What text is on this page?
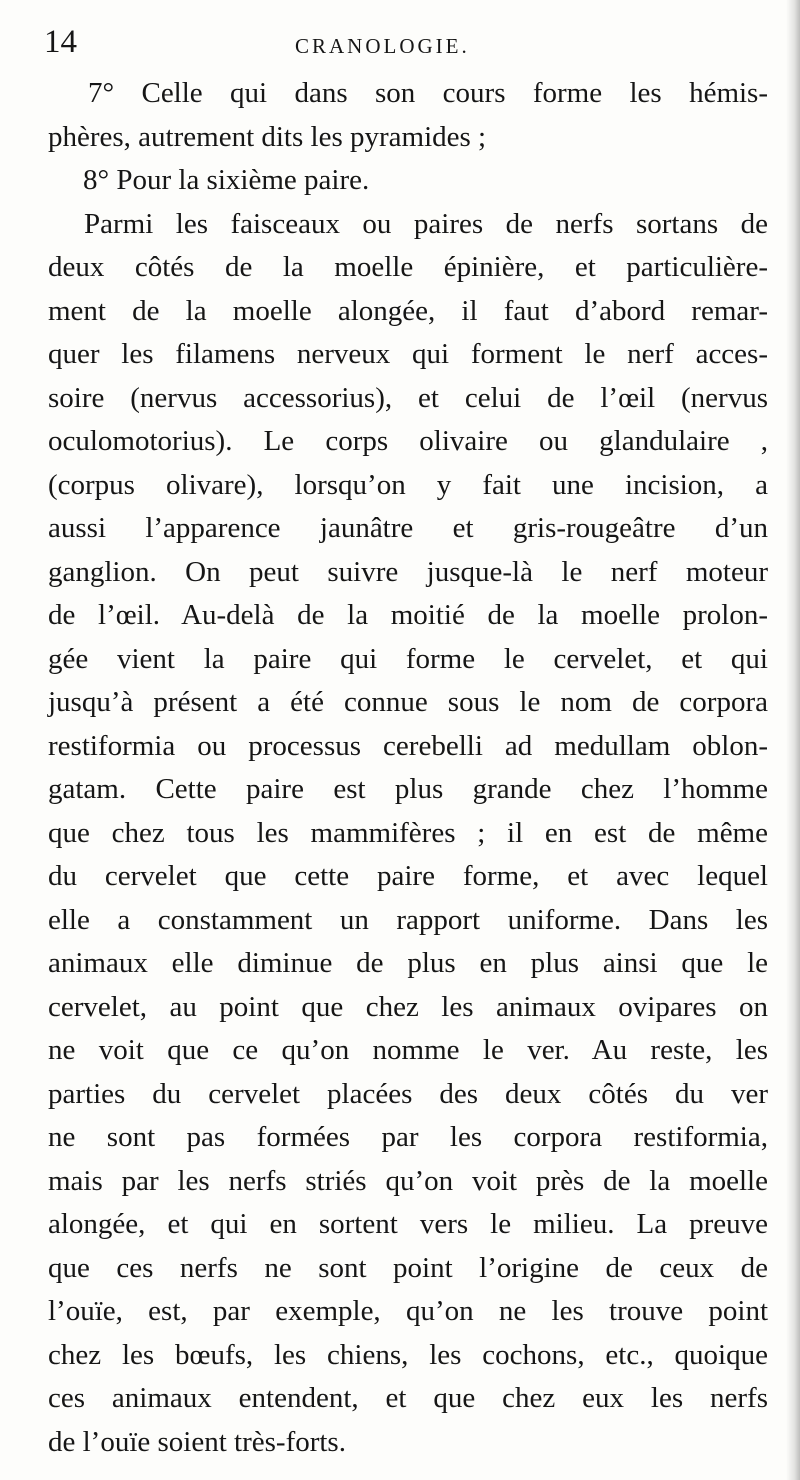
14	CRANOLOGIE.
7° Celle qui dans son cours forme les hémis-
phères, autrement dits les pyramides ;
8° Pour la sixième paire.
Parmi les faisceaux ou paires de nerfs sortans de
deux côtés de la moelle épinière, et particulière-
ment de la moelle alongée, il faut d’abord remar-
quer les filamens nerveux qui forment le nerf acces-
soire (nervus accessorius), et celui de l’œil (nervus
oculomotorius). Le corps olivaire ou glandulaire ,
(corpus olivare), lorsqu’on y fait une incision, a
aussi l’apparence jaunâtre et gris-rougeâtre d’un
ganglion. On peut suivre jusque-là le nerf moteur
de l’œil. Au-delà de la moitié de la moelle prolon-
gée vient la paire qui forme le cervelet, et qui
jusqu’à présent a été connue sous le nom de corpora
restiformia ou processus cerebelli ad medullam oblon-
gatam. Cette paire est plus grande chez l’homme
que chez tous les mammifères ; il en est de même
du cervelet que cette paire forme, et avec lequel
elle a constamment un rapport uniforme. Dans les
animaux elle diminue de plus en plus ainsi que le
cervelet, au point que chez les animaux ovipares on
ne voit que ce qu’on nomme le ver. Au reste, les
parties du cervelet placées des deux côtés du ver
ne sont pas formées par les corpora restiformia,
mais par les nerfs striés qu’on voit près de la moelle
alongée, et qui en sortent vers le milieu. La preuve
que ces nerfs ne sont point l’origine de ceux de
l’ouïe, est, par exemple, qu’on ne les trouve point
chez les bœufs, les chiens, les cochons, etc., quoique
ces animaux entendent, et que chez eux les nerfs
de l’ouïe soient très-forts.
